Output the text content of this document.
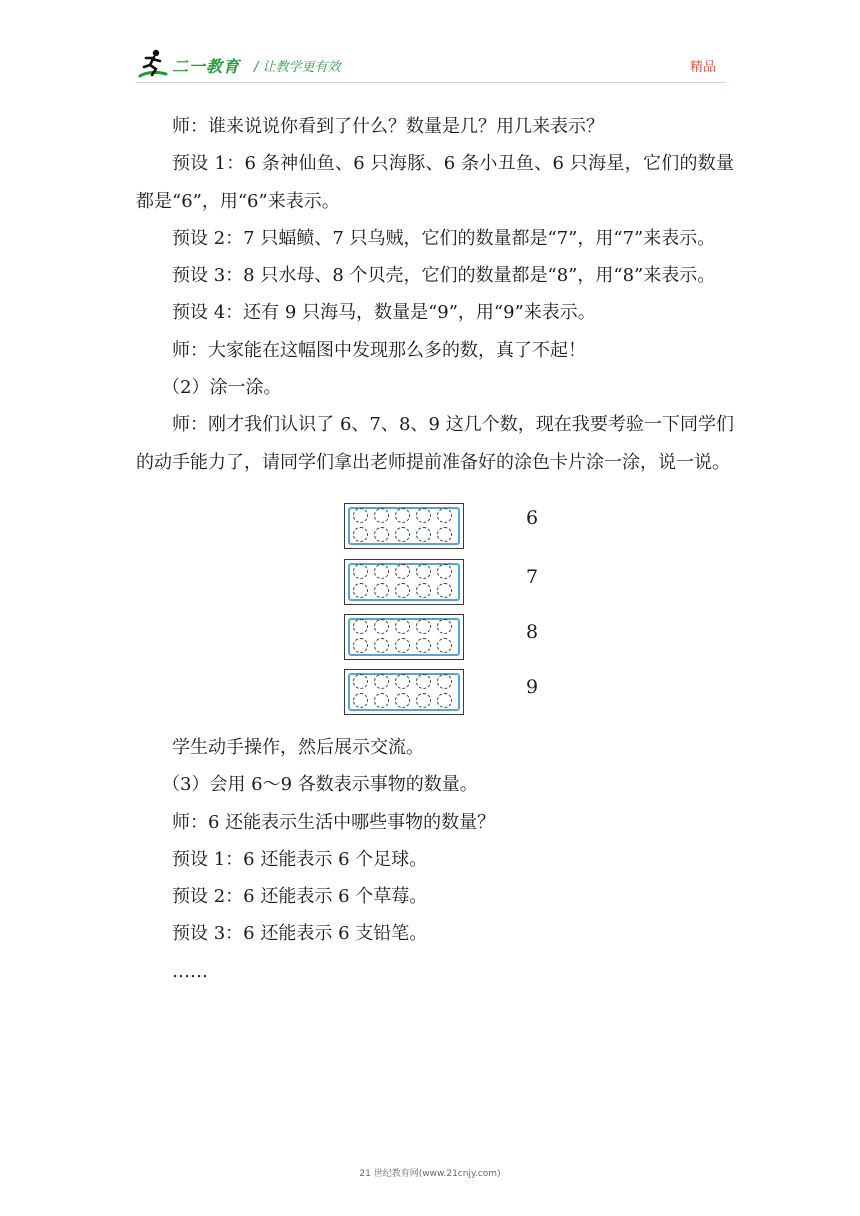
二一教育 / 让教学更有效	精品

师：谁来说说你看到了什么？数量是几？用几来表示？

预设 1：6 条神仙鱼、6 只海豚、6 条小丑鱼、6 只海星，它们的数量都是“6”，用“6”来表示。

预设 2：7 只蝠鲼、7 只乌贼，它们的数量都是“7”，用“7”来表示。

预设 3：8 只水母、8 个贝壳，它们的数量都是“8”，用“8”来表示。

预设 4：还有 9 只海马，数量是“9”，用“9”来表示。

师：大家能在这幅图中发现那么多的数，真了不起！

（2）涂一涂。

师：刚才我们认识了 6、7、8、9 这几个数，现在我要考验一下同学们的动手能力了，请同学们拿出老师提前准备好的涂色卡片涂一涂，说一说。

6
7
8
9

学生动手操作，然后展示交流。

（3）会用 6～9 各数表示事物的数量。

师：6 还能表示生活中哪些事物的数量？

预设 1：6 还能表示 6 个足球。

预设 2：6 还能表示 6 个草莓。

预设 3：6 还能表示 6 支铅笔。

……

21 世纪教育网(www.21cnjy.com)
